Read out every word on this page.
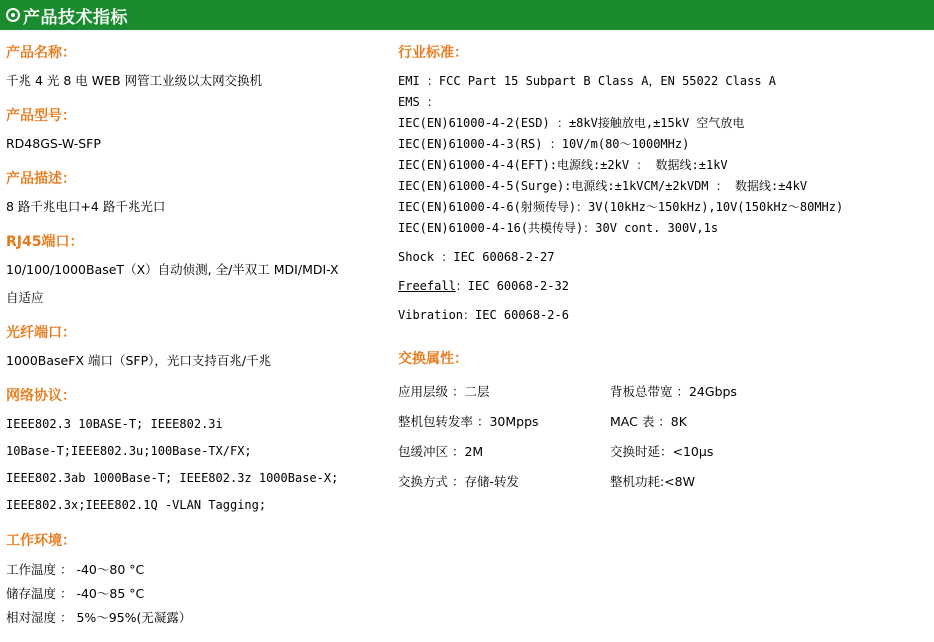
产品技术指标
产品名称：
千兆 4 光 8 电 WEB 网管工业级以太网交换机
产品型号：
RD48GS-W-SFP
产品描述：
8 路千兆电口+4 路千兆光口
RJ45端口：
10/100/1000BaseT（X）自动侦测, 全/半双工 MDI/MDI-X
自适应
光纤端口：
1000BaseFX 端口（SFP），光口支持百兆/千兆
网络协议：
IEEE802.3 10BASE-T; IEEE802.3i
10Base-T;IEEE802.3u;100Base-TX/FX;
IEEE802.3ab 1000Base-T; IEEE802.3z 1000Base-X;
IEEE802.3x;IEEE802.1Q -VLAN Tagging;
工作环境：
工作温度 ： -40～80 °C
储存温度 ： -40～85 °C
相对湿度 ： 5%～95%(无凝露）
行业标准：
EMI ：FCC Part 15 Subpart B Class A，EN 55022 Class A
EMS ：
IEC(EN)61000-4-2(ESD) ：±8kV接触放电,±15kV 空气放电
IEC(EN)61000-4-3(RS) ：10V/m(80～1000MHz)
IEC(EN)61000-4-4(EFT):电源线:±2kV ： 数据线:±1kV
IEC(EN)61000-4-5(Surge):电源线:±1kVCM/±2kVDM ： 数据线:±4kV
IEC(EN)61000-4-6(射频传导)：3V(10kHz～150kHz),10V(150kHz～80MHz)
IEC(EN)61000-4-16(共模传导)：30V cont. 300V,1s
Shock ：IEC 60068-2-27
Freefall：IEC 60068-2-32
Vibration：IEC 60068-2-6
交换属性：
应用层级 ：二层	背板总带宽 ：24Gbps
整机包转发率 ：30Mpps	MAC 表 ：8K
包缓冲区 ：2M	交换时延：<10μs
交换方式 ：存储-转发	整机功耗:<8W
